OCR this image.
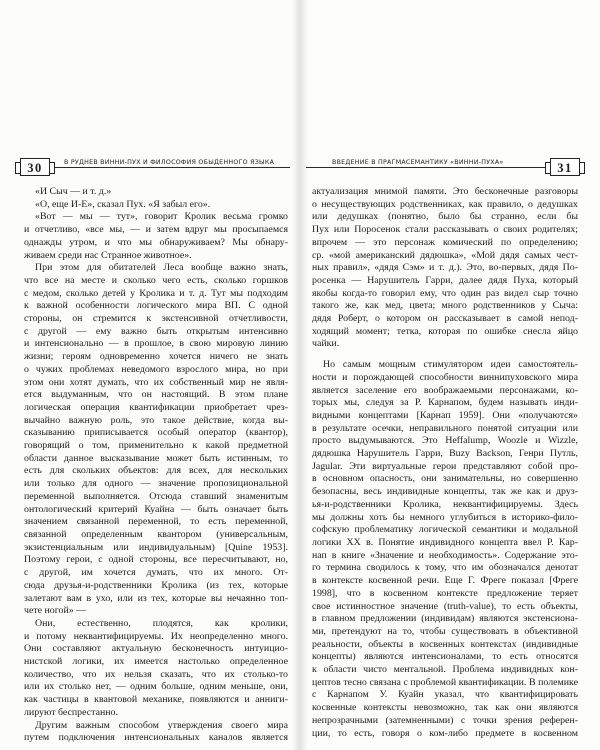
30	В РУДНЕВ ВИННИ-ПУХ И ФИЛОСОФИЯ ОБЫДЕННОГО ЯЗЫКА
«И Сыч — и т. д.»
«О, еще И-Е», сказал Пух. «Я забыл его».
«Вот — мы — тут», говорит Кролик весьма громко
и отчетливо, «все мы, — и затем вдруг мы просыпаемся
однажды утром, и что мы обнаруживаем? Мы обнару-
живаем среди нас Странное животное».
При этом для обитателей Леса вообще важно знать,
что все на месте и сколько чего есть, сколько горшков
с медом, сколько детей у Кролика и т. д. Тут мы подходим
к важной особенности логического мира ВП. С одной
стороны, он стремится к экстенсивной отчетливости,
с другой — ему важно быть открытым интенсивно
и интенсионально — в прошлое, в свою мировую линию
жизни; героям одновременно хочется ничего не знать
о чужих проблемах неведомого взрослого мира, но при
этом они хотят думать, что их собственный мир не явля-
ется выдуманным, что он настоящий. В этом плане
логическая операция квантификации приобретает чрез-
вычайно важную роль, это такое действие, когда вы-
сказыванию приписывается особый оператор (квантор),
говорящий о том, применительно к какой предметной
области данное высказывание может быть истинным, то
есть для скольких объектов: для всех, для нескольких
или только для одного — значение пропозициональной
переменной выполняется. Отсюда ставший знаменитым
онтологический критерий Куайна — быть означает быть
значением связанной переменной, то есть переменной,
связанной определенным квантором (универсальным,
экзистенциальным или индивидуальным) [Quine 1953].
Поэтому герои, с одной стороны, все пересчитывают, но,
с другой, им хочется думать, что их много. От-
сюда друзья-и-родственники Кролика (из тех, которые
залетают вам в ухо, или из тех, которые вы нечаянно топ-
чете ногой» —
Они, естественно, плодятся, как кролики,
и потому неквантифицируемы. Их неопределенно много.
Они составляют актуальную бесконечность интуицио-
нистской логики, их имеется настолько определенное
количество, что их нельзя сказать, что их столько-то
или их столько нет, — одним больше, одним меньше, они,
как частицы в квантовой механике, появляются и анниги-
лируют беспрестанно.
Другим важным способом утверждения своего мира
путем подключения интенсиональных каналов является
ВВЕДЕНИЕ В ПРАГМАСЕМАНТИКУ «ВИННИ-ПУХА»	31
актуализация мнимой памяти. Это бесконечные разговоры
о несуществующих родственниках, как правило, о дедушках
или дедушках (понятно, было бы странно, если бы
Пух или Поросенок стали рассказывать о своих родителях;
впрочем — это персонаж комический по определению;
ср. «мой американский дядюшка», «Мой дядя самых чест-
ных правил», «дядя Сэм» и т. д.). Это, во-первых, дядя По-
росенка — Нарушитель Гарри, далее дядя Пуха, который
якобы когда-то говорил ему, что один раз видел сыр точно
такого же, как мед, цвета; много родственников у Сыча:
дядя Роберт, о котором он рассказывает в самой непод-
ходящий момент; тетка, которая по ошибке снесла яйцо
чайки.
Но самым мощным стимулятором идеи самостоятель-
ности и порождающей способности виннипуховского мира
является заселение его воображаемыми персонажами, ко-
торых мы, следуя за Р. Карнапом, будем называть инди-
видными концептами [Карнап 1959]. Они «получаются»
в результате осечки, неправильного понятой ситуации или
просто выдумываются. Это Heffalump, Woozle и Wizzle,
дядюшка Нарушитель Гарри, Buzy Backson, Генри Путль,
Jagular. Эти виртуальные герои представляют собой про-
в основном опасность, они занимательны, но совершенно
безопасны, весь индивидные концепты, так же как и друз-
ья-и-родственники Кролика, неквантифицируемы. Здесь
мы должны хоть бы немного углубиться в историко-фило-
софскую проблематику логической семантики и модальной
логики XX в. Понятие индивидного концепта ввел Р. Кар-
нап в книге «Значение и необходимость». Содержание это-
го термина сводилось к тому, что им обозначался денотат
в контексте косвенной речи. Еще Г. Фреге показал [Фреге
1998], что в косвенном контексте предложение теряет
свое истинностное значение (truth-value), то есть объекты,
в главном предложении (индивидам) являются экстенсиона-
ми, претендуют на то, чтобы существовать в объективной
реальности, объекты в косвенных контекстах (индивидные
концепты) являются интенсионалами, то есть относятся
к области чисто ментальной. Проблема индивидных кон-
цептов тесно связана с проблемой квантификации. В полемике
с Карнапом У. Куайн указал, что квантифицировать
косвенные контексты невозможно, так как они являются
непрозрачными (затемненными) с точки зрения референ-
ции, то есть, говоря о ком-либо предмете в косвенном
